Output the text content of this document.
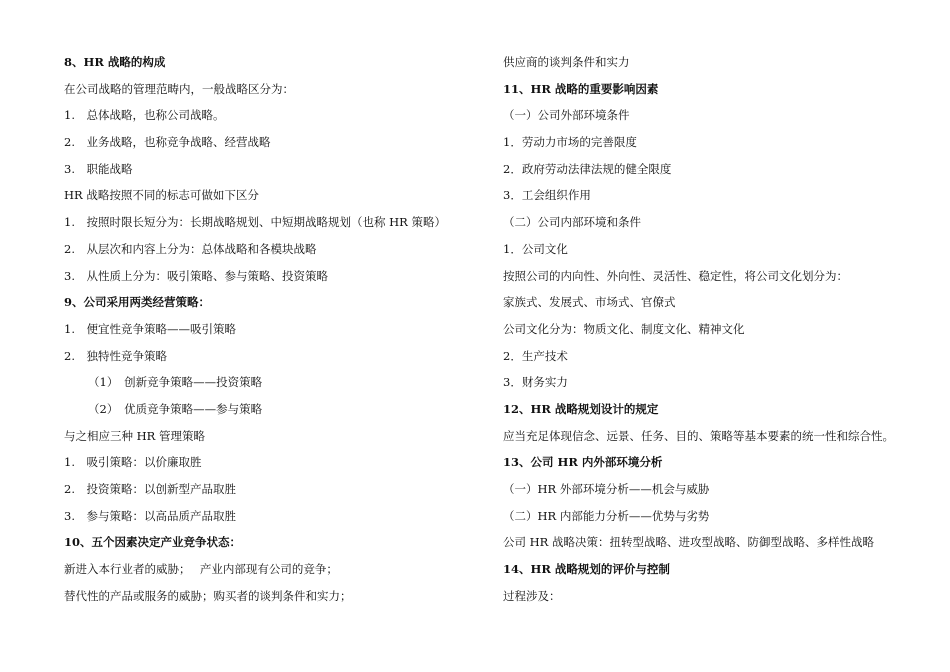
8、HR 战略的构成
在公司战略的管理范畴内，一般战略区分为：
1.　总体战略，也称公司战略。
2.　业务战略，也称竞争战略、经营战略
3.　职能战略
HR 战略按照不同的标志可做如下区分
1.　按照时限长短分为：长期战略规划、中短期战略规划（也称 HR 策略）
2.　从层次和内容上分为：总体战略和各模块战略
3.　从性质上分为：吸引策略、参与策略、投资策略
9、公司采用两类经营策略：
1.　便宜性竞争策略——吸引策略
2.　独特性竞争策略
（1）　创新竞争策略——投资策略
（2）　优质竞争策略——参与策略
与之相应三种 HR 管理策略
1.　吸引策略：以价廉取胜
2.　投资策略：以创新型产品取胜
3.　参与策略：以高品质产品取胜
10、五个因素决定产业竞争状态：
新进入本行业者的威胁；　 产业内部现有公司的竞争；
替代性的产品或服务的威胁；购买者的谈判条件和实力；
供应商的谈判条件和实力
11、HR 战略的重要影响因素
（一）公司外部环境条件
1．劳动力市场的完善限度
2．政府劳动法律法规的健全限度
3．工会组织作用
（二）公司内部环境和条件
1．公司文化
按照公司的内向性、外向性、灵活性、稳定性，将公司文化划分为：
家族式、发展式、市场式、官僚式
公司文化分为：物质文化、制度文化、精神文化
2．生产技术
3．财务实力
12、HR 战略规划设计的规定
应当充足体现信念、远景、任务、目的、策略等基本要素的统一性和综合性。
13、公司 HR 内外部环境分析
（一）HR 外部环境分析——机会与威胁
（二）HR 内部能力分析——优势与劣势
公司 HR 战略决策：扭转型战略、进攻型战略、防御型战略、多样性战略
14、HR 战略规划的评价与控制
过程涉及：
